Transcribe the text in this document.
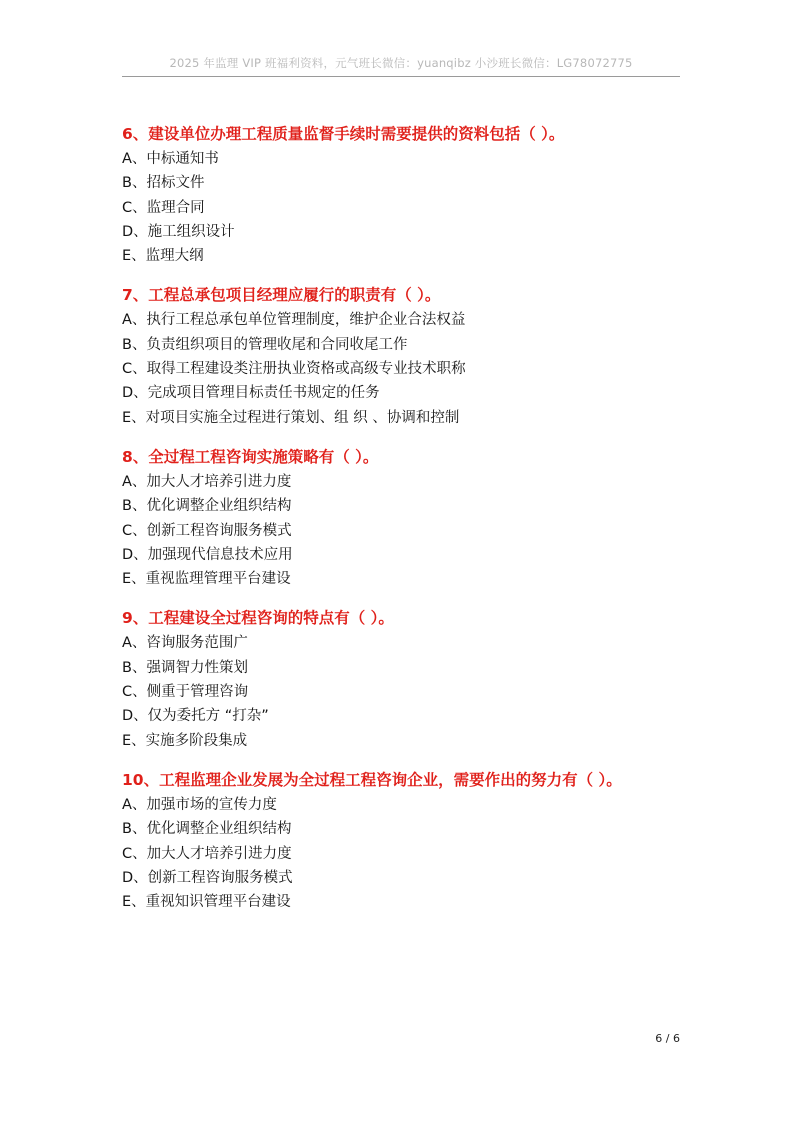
2025 年监理 VIP 班福利资料，元气班长微信：yuanqibz 小沙班长微信：LG78072775
6、建设单位办理工程质量监督手续时需要提供的资料包括（ ）。
A、中标通知书
B、招标文件
C、监理合同
D、施工组织设计
E、监理大纲
7、工程总承包项目经理应履行的职责有（ ）。
A、执行工程总承包单位管理制度，维护企业合法权益
B、负责组织项目的管理收尾和合同收尾工作
C、取得工程建设类注册执业资格或高级专业技术职称
D、完成项目管理目标责任书规定的任务
E、对项目实施全过程进行策划、组 织 、协调和控制
8、全过程工程咨询实施策略有（ ）。
A、加大人才培养引进力度
B、优化调整企业组织结构
C、创新工程咨询服务模式
D、加强现代信息技术应用
E、重视监理管理平台建设
9、工程建设全过程咨询的特点有（ ）。
A、咨询服务范围广
B、强调智力性策划
C、侧重于管理咨询
D、仅为委托方 “打杂”
E、实施多阶段集成
10、工程监理企业发展为全过程工程咨询企业，需要作出的努力有（ ）。
A、加强市场的宣传力度
B、优化调整企业组织结构
C、加大人才培养引进力度
D、创新工程咨询服务模式
E、重视知识管理平台建设
6 / 6
